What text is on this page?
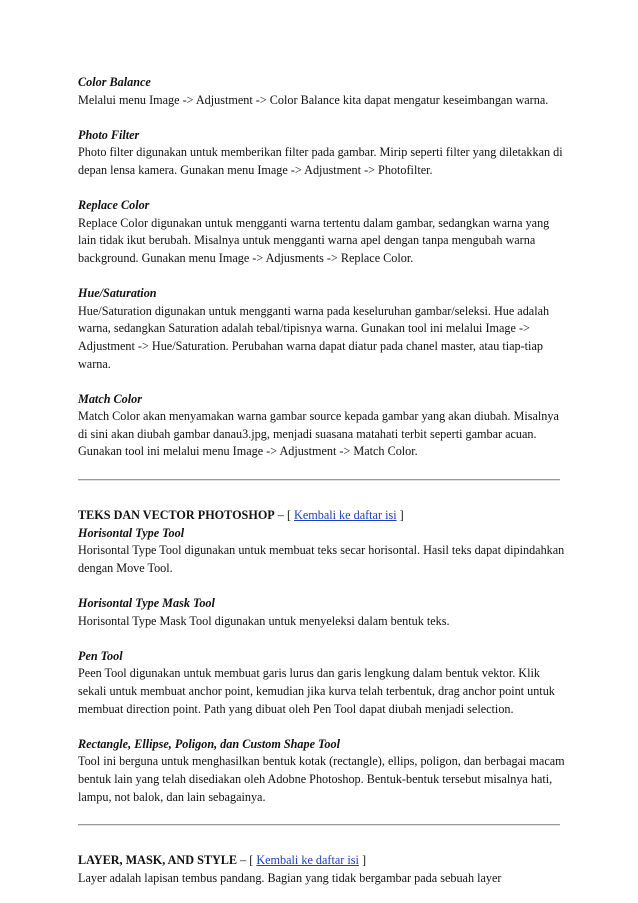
Color Balance
Melalui menu Image -> Adjustment -> Color Balance kita dapat mengatur keseimbangan warna.
Photo Filter
Photo filter digunakan untuk memberikan filter pada gambar. Mirip seperti filter yang diletakkan di depan lensa kamera. Gunakan menu Image -> Adjustment -> Photofilter.
Replace Color
Replace Color digunakan untuk mengganti warna tertentu dalam gambar, sedangkan warna yang lain tidak ikut berubah. Misalnya untuk mengganti warna apel dengan tanpa mengubah warna background. Gunakan menu Image -> Adjusments -> Replace Color.
Hue/Saturation
Hue/Saturation digunakan untuk mengganti warna pada keseluruhan gambar/seleksi. Hue adalah warna, sedangkan Saturation adalah tebal/tipisnya warna. Gunakan tool ini melalui Image -> Adjustment -> Hue/Saturation. Perubahan warna dapat diatur pada chanel master, atau tiap-tiap warna.
Match Color
Match Color akan menyamakan warna gambar source kepada gambar yang akan diubah. Misalnya di sini akan diubah gambar danau3.jpg, menjadi suasana matahati terbit seperti gambar acuan. Gunakan tool ini melalui menu Image -> Adjustment -> Match Color.
TEKS DAN VECTOR PHOTOSHOP – [ Kembali ke daftar isi ]
Horisontal Type Tool
Horisontal Type Tool digunakan untuk membuat teks secar horisontal. Hasil teks dapat dipindahkan dengan Move Tool.
Horisontal Type Mask Tool
Horisontal Type Mask Tool digunakan untuk menyeleksi dalam bentuk teks.
Pen Tool
Peen Tool digunakan untuk membuat garis lurus dan garis lengkung dalam bentuk vektor. Klik sekali untuk membuat anchor point, kemudian jika kurva telah terbentuk, drag anchor point untuk membuat direction point. Path yang dibuat oleh Pen Tool dapat diubah menjadi selection.
Rectangle, Ellipse, Poligon, dan Custom Shape Tool
Tool ini berguna untuk menghasilkan bentuk kotak (rectangle), ellips, poligon, dan berbagai macam bentuk lain yang telah disediakan oleh Adobne Photoshop. Bentuk-bentuk tersebut misalnya hati, lampu, not balok, dan lain sebagainya.
LAYER, MASK, AND STYLE – [ Kembali ke daftar isi ]
Layer adalah lapisan tembus pandang. Bagian yang tidak bergambar pada sebuah layer
